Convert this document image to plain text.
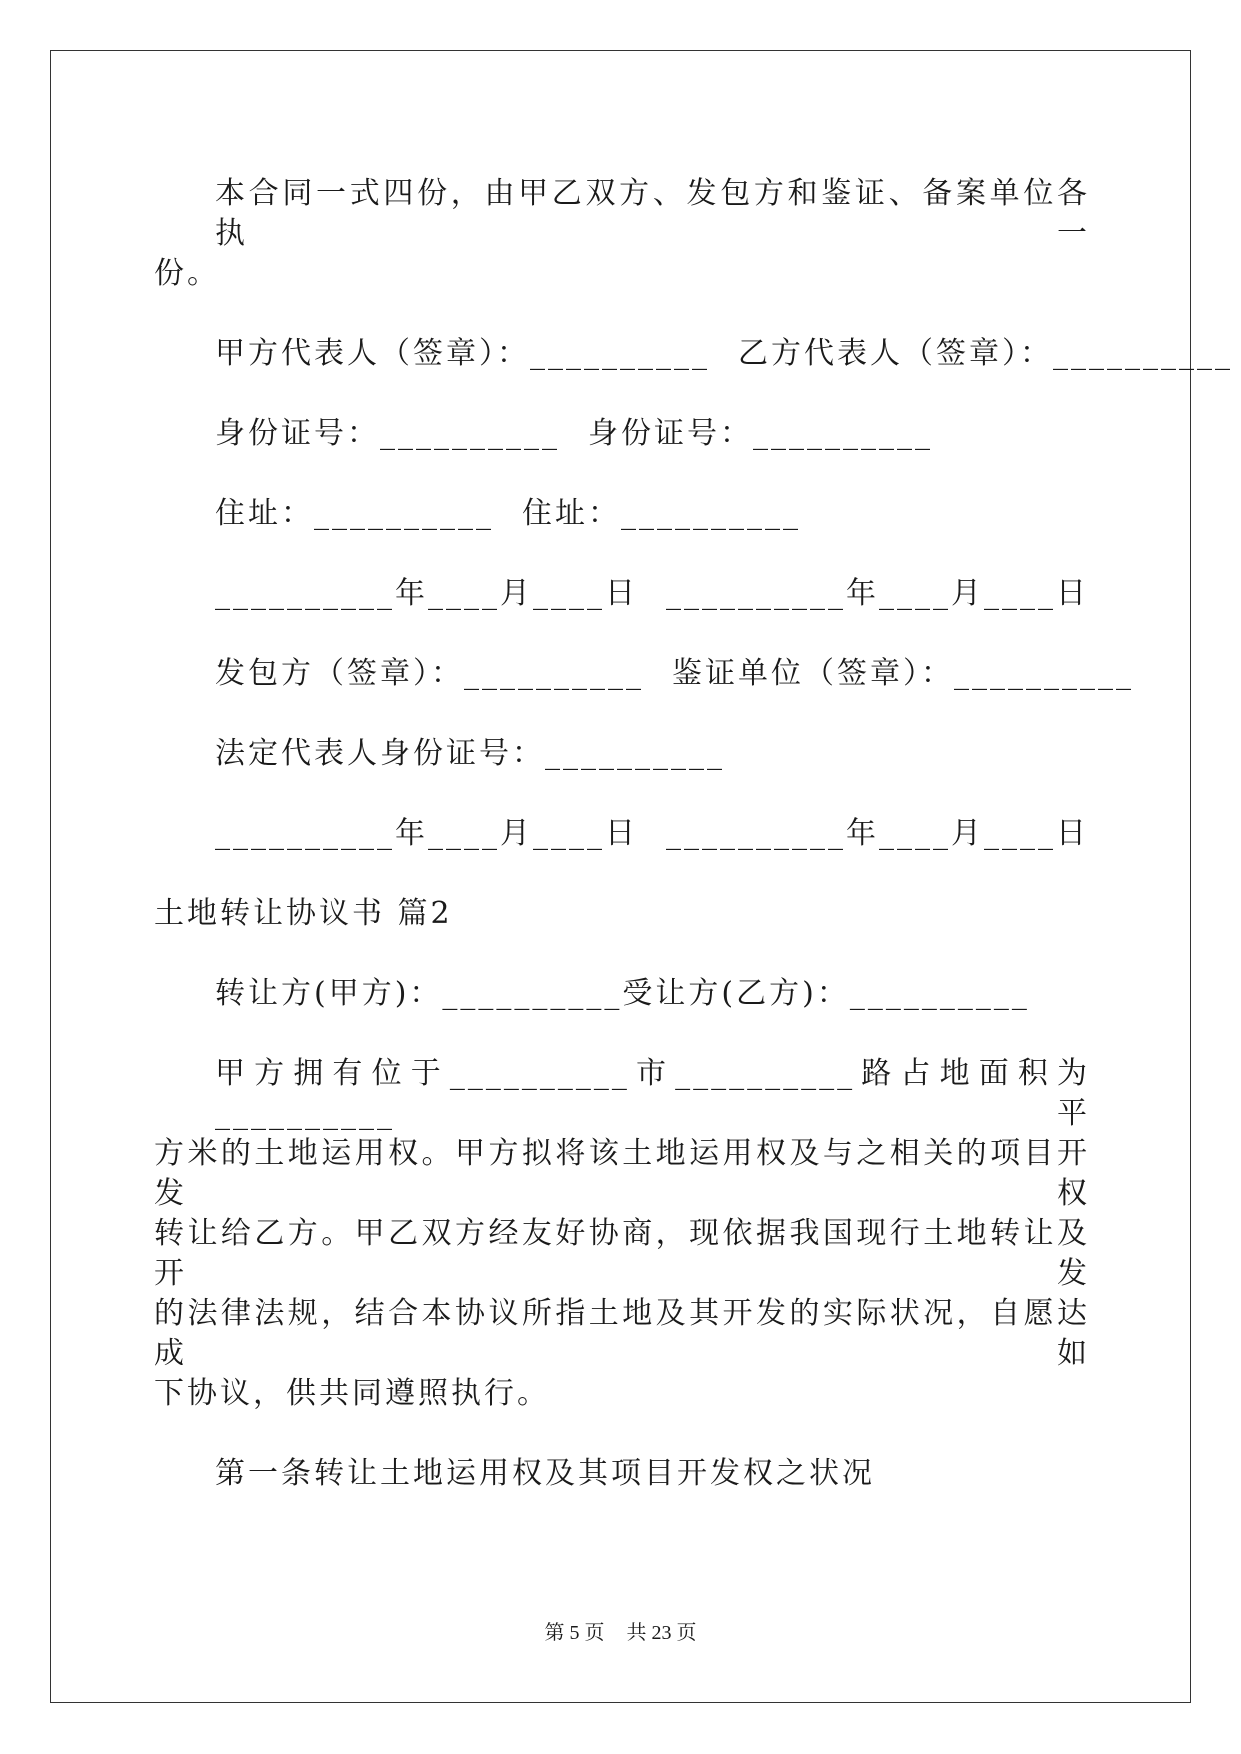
本合同一式四份，由甲乙双方、发包方和鉴证、备案单位各执一
份。
甲方代表人（签章）：__________ 乙方代表人（签章）：__________
身份证号：__________ 身份证号：__________
住址：__________ 住址：__________
__________年____月____日 __________年____月____日
发包方（签章）：__________ 鉴证单位（签章）：__________
法定代表人身份证号：__________
__________年____月____日 __________年____月____日
土地转让协议书 篇2
转让方(甲方)：__________受让方(乙方)：__________
甲方拥有位于__________市__________路占地面积为__________平
方米的土地运用权。甲方拟将该土地运用权及与之相关的项目开发权
转让给乙方。甲乙双方经友好协商，现依据我国现行土地转让及开发
的法律法规，结合本协议所指土地及其开发的实际状况，自愿达成如
下协议，供共同遵照执行。
第一条转让土地运用权及其项目开发权之状况
第 5 页 共 23 页
